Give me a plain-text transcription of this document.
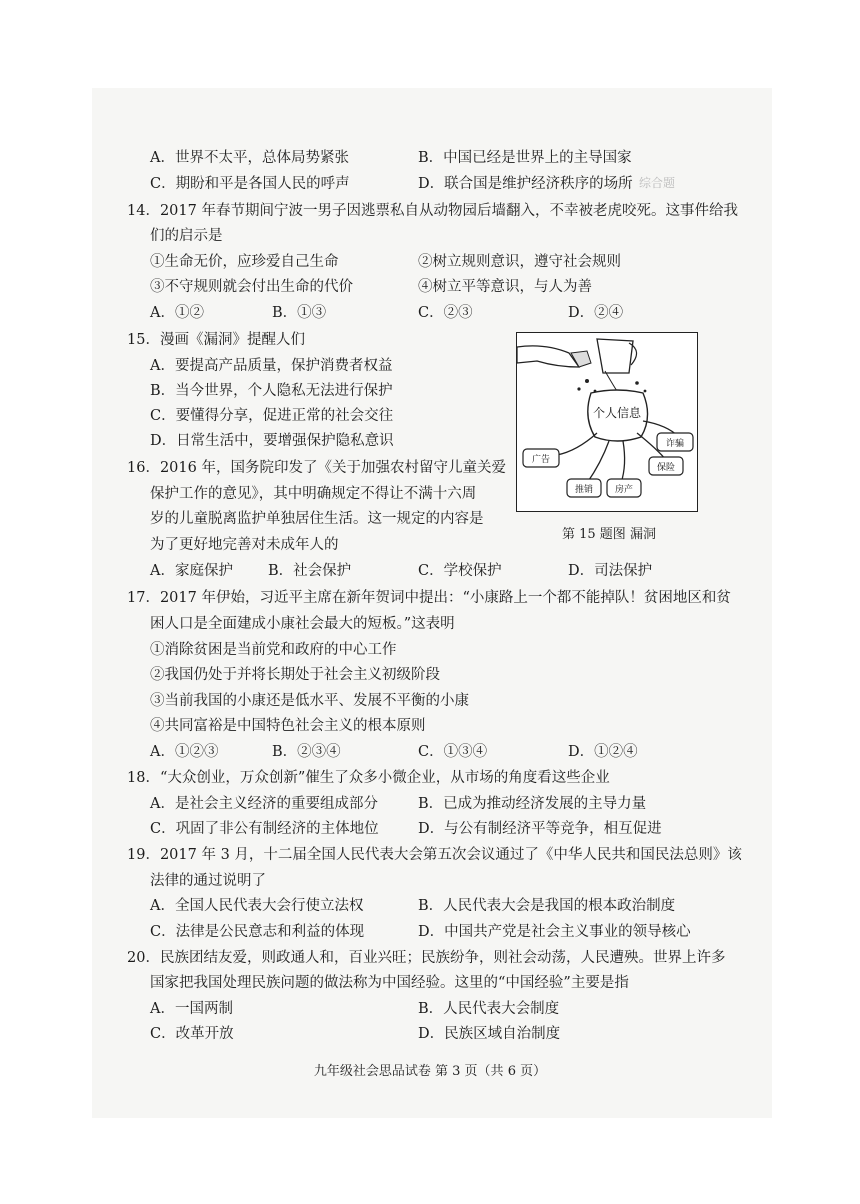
二、综合题
A．世界不太平，总体局势紧张	B．中国已经是世界上的主导国家
C．期盼和平是各国人民的呼声	D．联合国是维护经济秩序的场所
14．2017 年春节期间宁波一男子因逃票私自从动物园后墙翻入，不幸被老虎咬死。这事件给我
们的启示是
①生命无价，应珍爱自己生命	②树立规则意识，遵守社会规则
③不守规则就会付出生命的代价	④树立平等意识，与人为善
A．①②	B．①③	C．②③	D．②④
15．漫画《漏洞》提醒人们
A．要提高产品质量，保护消费者权益
B．当今世界，个人隐私无法进行保护
C．要懂得分享，促进正常的社会交往
D．日常生活中，要增强保护隐私意识
个人信息
广告
推销 房产
保险
诈骗
第 15 题图 漏洞
16．2016 年，国务院印发了《关于加强农村留守儿童关爱
保护工作的意见》，其中明确规定不得让不满十六周
岁的儿童脱离监护单独居住生活。这一规定的内容是
为了更好地完善对未成年人的
A．家庭保护 B．社会保护	C．学校保护	D．司法保护
17．2017 年伊始，习近平主席在新年贺词中提出：“小康路上一个都不能掉队！贫困地区和贫
困人口是全面建成小康社会最大的短板。”这表明
①消除贫困是当前党和政府的中心工作
②我国仍处于并将长期处于社会主义初级阶段
③当前我国的小康还是低水平、发展不平衡的小康
④共同富裕是中国特色社会主义的根本原则
A．①②③	B．②③④	C．①③④	D．①②④
18．“大众创业，万众创新”催生了众多小微企业，从市场的角度看这些企业
A．是社会主义经济的重要组成部分	B．已成为推动经济发展的主导力量
C．巩固了非公有制经济的主体地位	D．与公有制经济平等竞争，相互促进
19．2017 年 3 月，十二届全国人民代表大会第五次会议通过了《中华人民共和国民法总则》该
法律的通过说明了
A．全国人民代表大会行使立法权	B．人民代表大会是我国的根本政治制度
C．法律是公民意志和利益的体现	D．中国共产党是社会主义事业的领导核心
20．民族团结友爱，则政通人和，百业兴旺；民族纷争，则社会动荡，人民遭殃。世界上许多
国家把我国处理民族问题的做法称为中国经验。这里的“中国经验”主要是指
A．一国两制	B．人民代表大会制度
C．改革开放	D．民族区域自治制度
九年级社会思品试卷 第 3 页（共 6 页）
